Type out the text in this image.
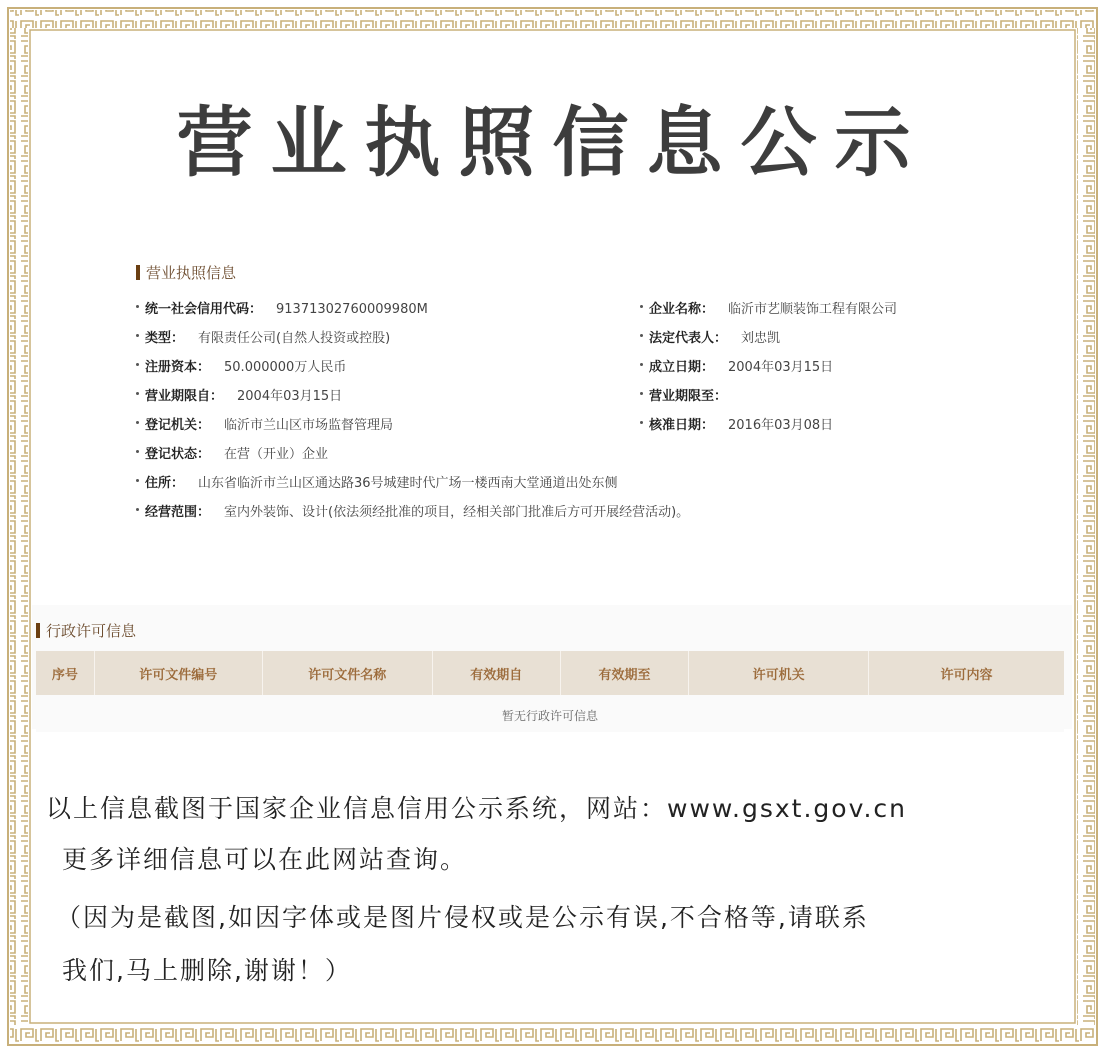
营业执照信息公示
营业执照信息
统一社会信用代码： 91371302760009980M	企业名称： 临沂市艺顺装饰工程有限公司
类型： 有限责任公司(自然人投资或控股)	法定代表人： 刘忠凯
注册资本： 50.000000万人民币	成立日期： 2004年03月15日
营业期限自： 2004年03月15日	营业期限至：
登记机关： 临沂市兰山区市场监督管理局	核准日期： 2016年03月08日
登记状态： 在营（开业）企业
住所： 山东省临沂市兰山区通达路36号城建时代广场一楼西南大堂通道出处东侧
经营范围： 室内外装饰、设计(依法须经批准的项目，经相关部门批准后方可开展经营活动)。
行政许可信息
序号	许可文件编号	许可文件名称	有效期自	有效期至	许可机关	许可内容
暂无行政许可信息
以上信息截图于国家企业信息信用公示系统，网站：www.gsxt.gov.cn
更多详细信息可以在此网站查询。
（因为是截图,如因字体或是图片侵权或是公示有误,不合格等,请联系
我们,马上删除,谢谢！）
